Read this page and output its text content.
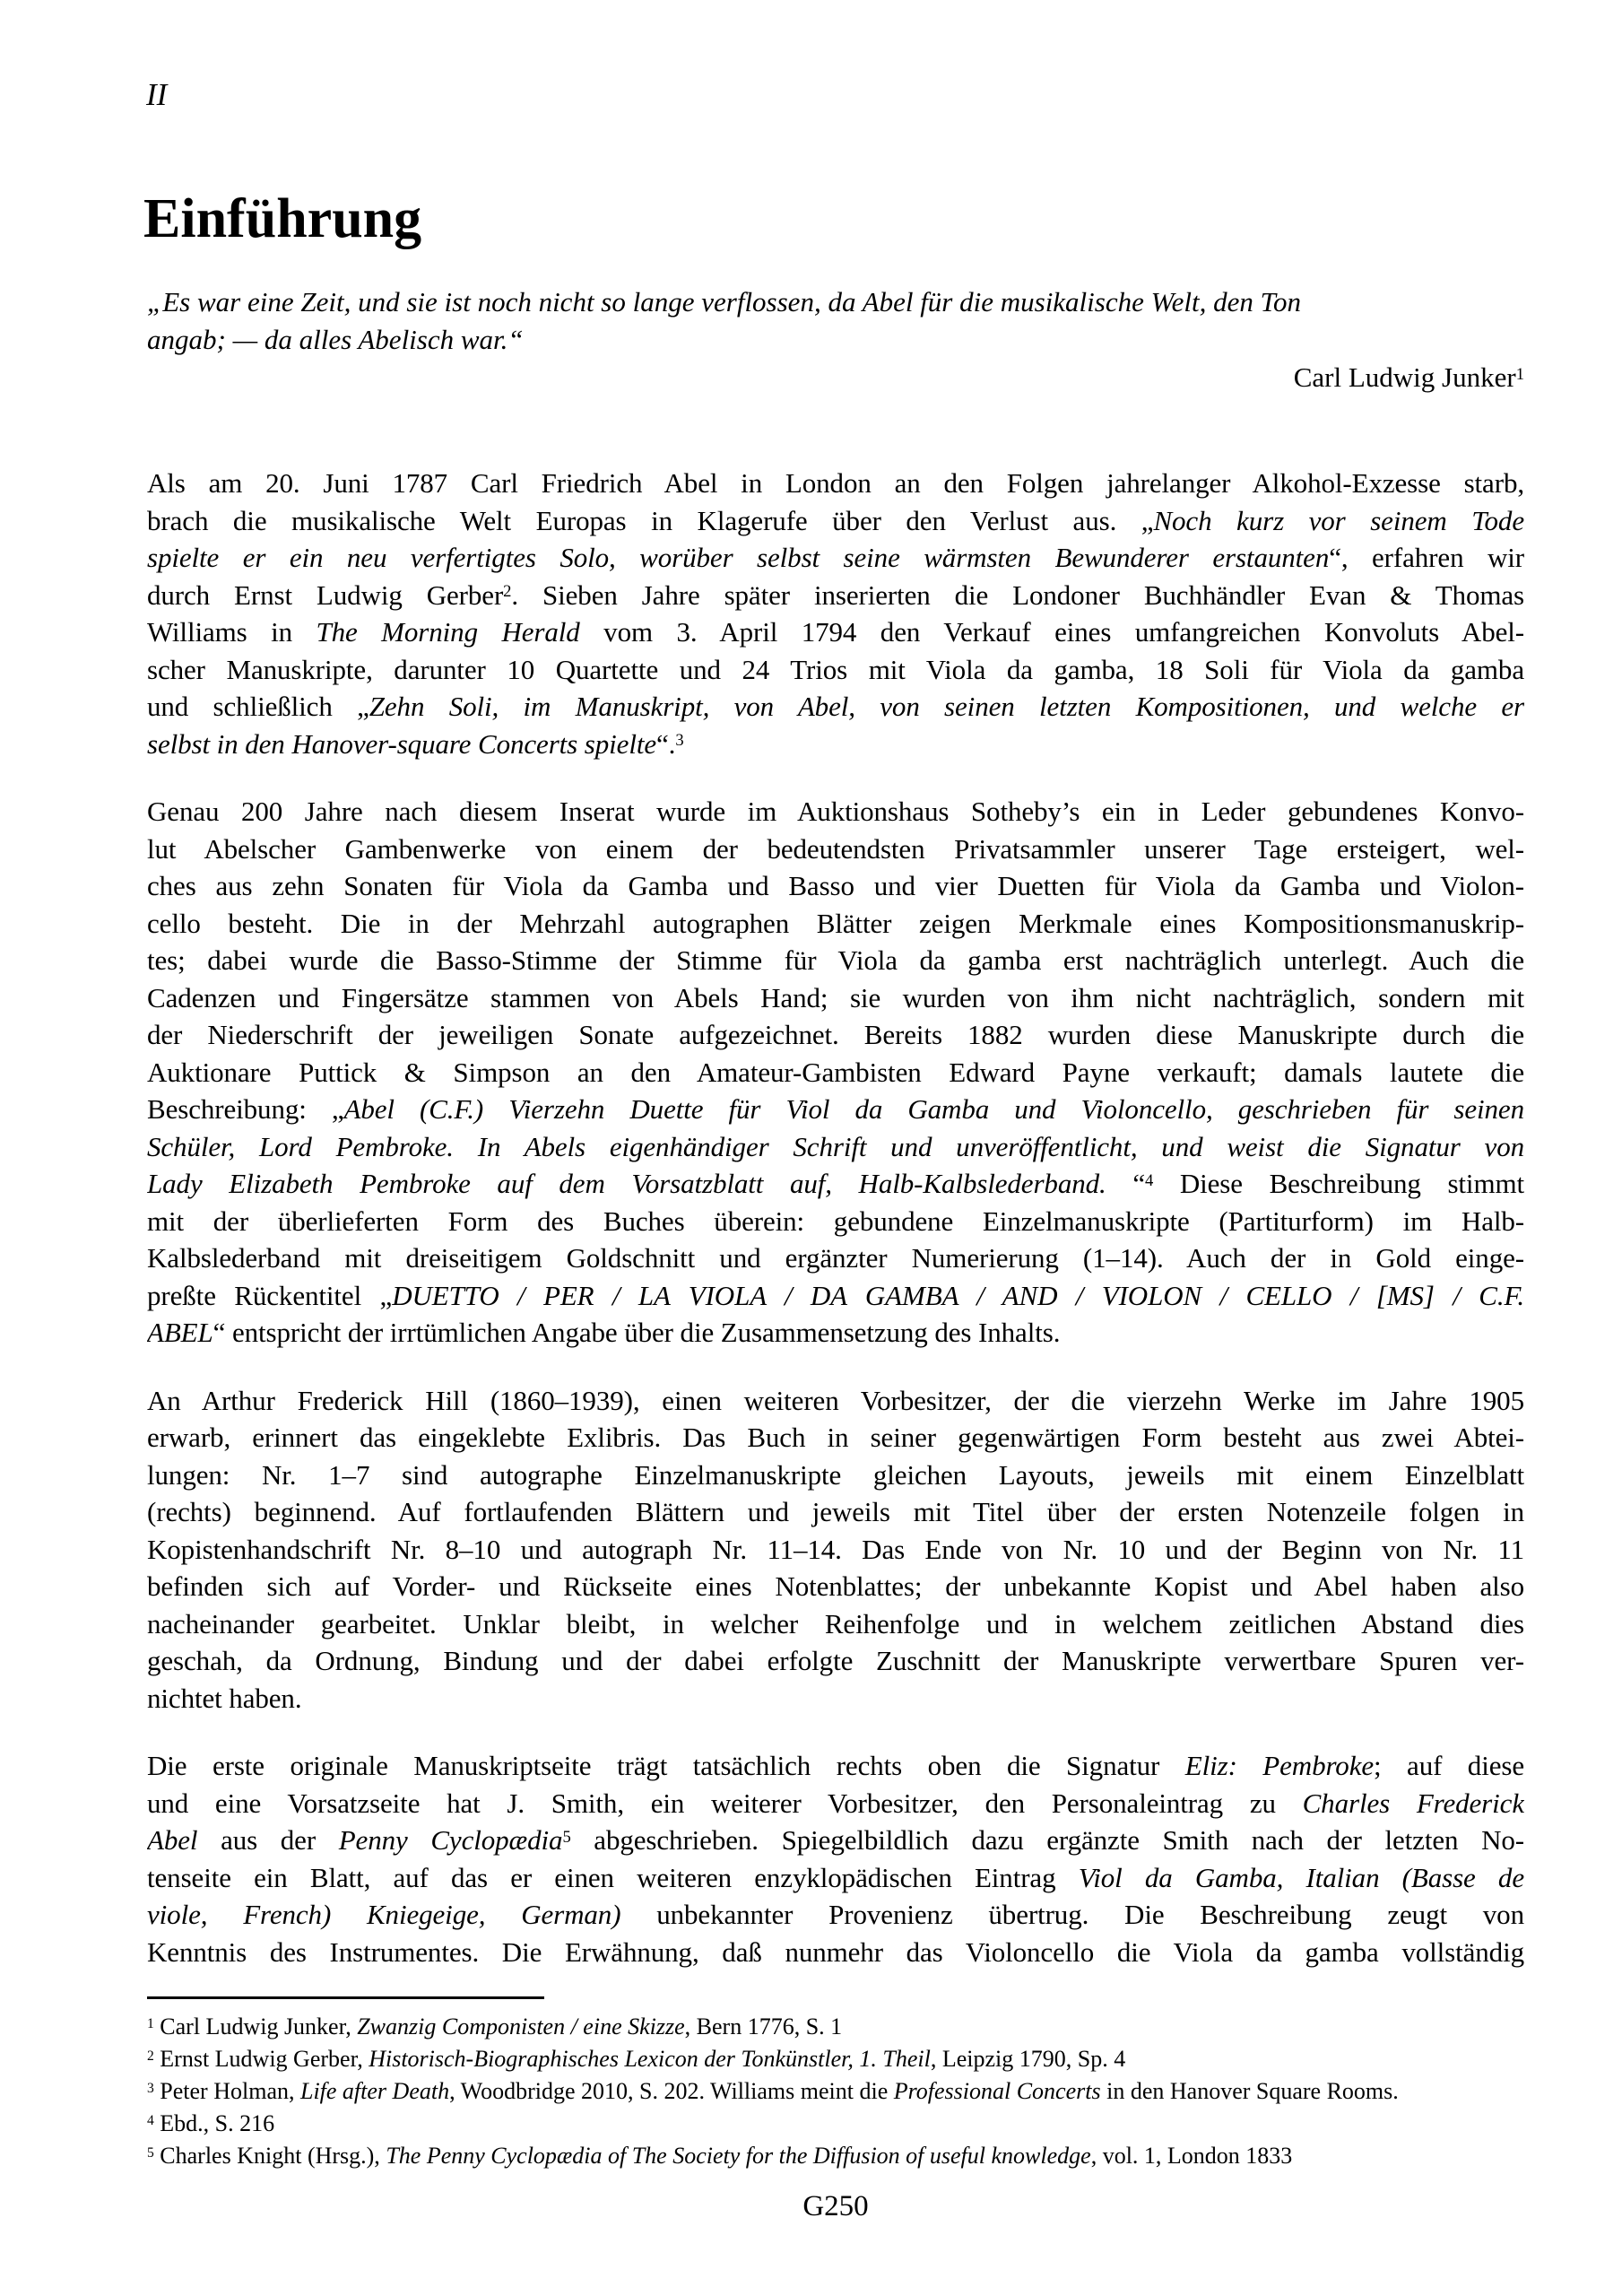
II
Einführung
„Es war eine Zeit, und sie ist noch nicht so lange verflossen, da Abel für die musikalische Welt, den Ton
angab; — da alles Abelisch war.“
Carl Ludwig Junker$^1$
Als am 20. Juni 1787 Carl Friedrich Abel in London an den Folgen jahrelanger Alkohol-Exzesse starb,
brach die musikalische Welt Europas in Klagerufe über den Verlust aus. „Noch kurz vor seinem Tode
spielte er ein neu verfertigtes Solo, worüber selbst seine wärmsten Bewunderer erstaunten“, erfahren wir
durch Ernst Ludwig Gerber$^2$. Sieben Jahre später inserierten die Londoner Buchhändler Evan & Thomas
Williams in The Morning Herald vom 3. April 1794 den Verkauf eines umfangreichen Konvoluts Abel-
scher Manuskripte, darunter 10 Quartette und 24 Trios mit Viola da gamba, 18 Soli für Viola da gamba
und schließlich „Zehn Soli, im Manuskript, von Abel, von seinen letzten Kompositionen, und welche er
selbst in den Hanover-square Concerts spielte“.$^3$
Genau 200 Jahre nach diesem Inserat wurde im Auktionshaus Sotheby’s ein in Leder gebundenes Konvo-
lut Abelscher Gambenwerke von einem der bedeutendsten Privatsammler unserer Tage ersteigert, wel-
ches aus zehn Sonaten für Viola da Gamba und Basso und vier Duetten für Viola da Gamba und Violon-
cello besteht. Die in der Mehrzahl autographen Blätter zeigen Merkmale eines Kompositionsmanuskrip-
tes; dabei wurde die Basso-Stimme der Stimme für Viola da gamba erst nachträglich unterlegt. Auch die
Cadenzen und Fingersätze stammen von Abels Hand; sie wurden von ihm nicht nachträglich, sondern mit
der Niederschrift der jeweiligen Sonate aufgezeichnet. Bereits 1882 wurden diese Manuskripte durch die
Auktionare Puttick & Simpson an den Amateur-Gambisten Edward Payne verkauft; damals lautete die
Beschreibung: „Abel (C.F.) Vierzehn Duette für Viol da Gamba und Violoncello, geschrieben für seinen
Schüler, Lord Pembroke. In Abels eigenhändiger Schrift und unveröffentlicht, und weist die Signatur von
Lady Elizabeth Pembroke auf dem Vorsatzblatt auf, Halb-Kalbslederband. “$^4$ Diese Beschreibung stimmt
mit der überlieferten Form des Buches überein: gebundene Einzelmanuskripte (Partiturform) im Halb-
Kalbslederband mit dreiseitigem Goldschnitt und ergänzter Numerierung (1–14). Auch der in Gold einge-
preßte Rückentitel „DUETTO / PER / LA VIOLA / DA GAMBA / AND / VIOLON / CELLO / [MS] / C.F.
ABEL“ entspricht der irrtümlichen Angabe über die Zusammensetzung des Inhalts.
An Arthur Frederick Hill (1860–1939), einen weiteren Vorbesitzer, der die vierzehn Werke im Jahre 1905
erwarb, erinnert das eingeklebte Exlibris. Das Buch in seiner gegenwärtigen Form besteht aus zwei Abtei-
lungen: Nr. 1–7 sind autographe Einzelmanuskripte gleichen Layouts, jeweils mit einem Einzelblatt
(rechts) beginnend. Auf fortlaufenden Blättern und jeweils mit Titel über der ersten Notenzeile folgen in
Kopistenhandschrift Nr. 8–10 und autograph Nr. 11–14. Das Ende von Nr. 10 und der Beginn von Nr. 11
befinden sich auf Vorder- und Rückseite eines Notenblattes; der unbekannte Kopist und Abel haben also
nacheinander gearbeitet. Unklar bleibt, in welcher Reihenfolge und in welchem zeitlichen Abstand dies
geschah, da Ordnung, Bindung und der dabei erfolgte Zuschnitt der Manuskripte verwertbare Spuren ver-
nichtet haben.
Die erste originale Manuskriptseite trägt tatsächlich rechts oben die Signatur Eliz: Pembroke; auf diese
und eine Vorsatzseite hat J. Smith, ein weiterer Vorbesitzer, den Personaleintrag zu Charles Frederick
Abel aus der Penny Cyclopædia$^5$ abgeschrieben. Spiegelbildlich dazu ergänzte Smith nach der letzten No-
tenseite ein Blatt, auf das er einen weiteren enzyklopädischen Eintrag Viol da Gamba, Italian (Basse de
viole, French) Kniegeige, German) unbekannter Provenienz übertrug. Die Beschreibung zeugt von
Kenntnis des Instrumentes. Die Erwähnung, daß nunmehr das Violoncello die Viola da gamba vollständig
$^1$ Carl Ludwig Junker, Zwanzig Componisten / eine Skizze, Bern 1776, S. 1
$^2$ Ernst Ludwig Gerber, Historisch-Biographisches Lexicon der Tonkünstler, 1. Theil, Leipzig 1790, Sp. 4
$^3$ Peter Holman, Life after Death, Woodbridge 2010, S. 202. Williams meint die Professional Concerts in den Hanover Square Rooms.
$^4$ Ebd., S. 216
$^5$ Charles Knight (Hrsg.), The Penny Cyclopædia of The Society for the Diffusion of useful knowledge, vol. 1, London 1833
G250
